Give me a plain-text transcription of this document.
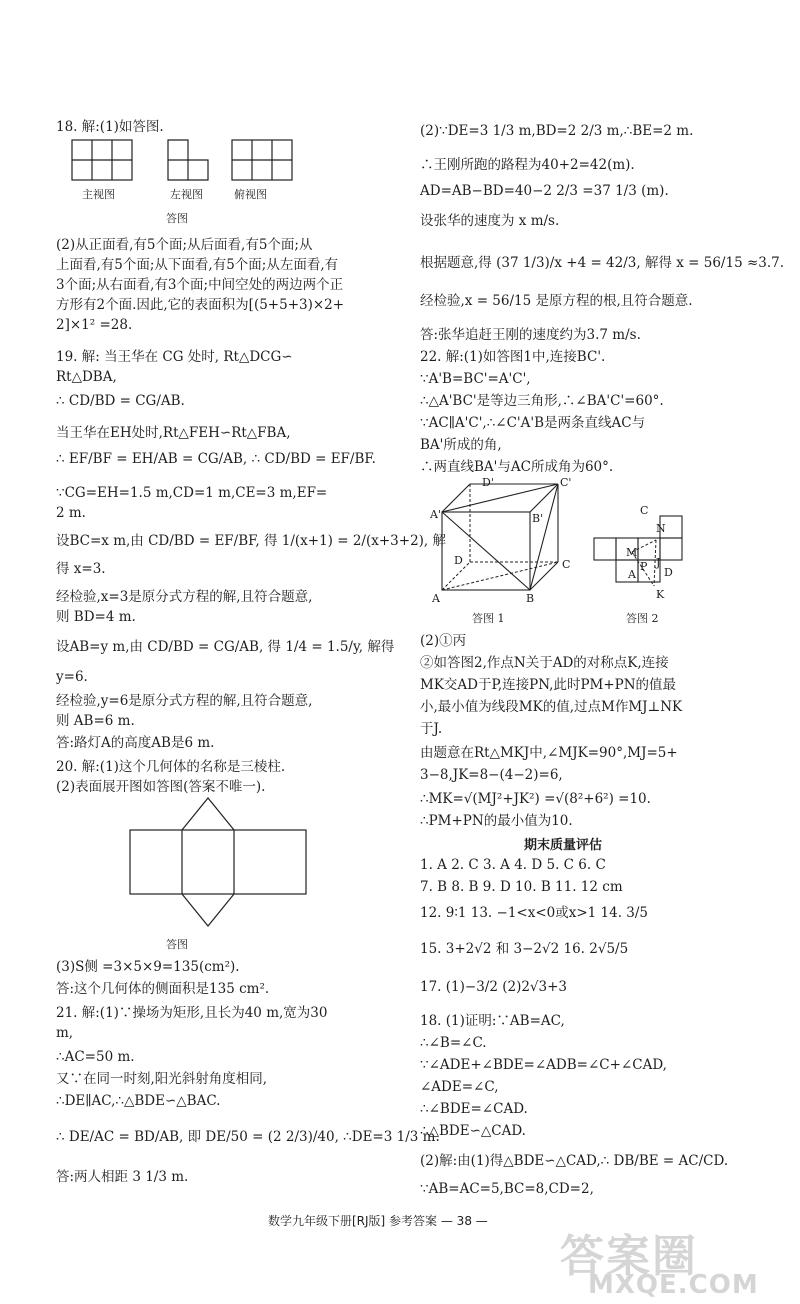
18. 解:(1)如答图.
主视图	左视图	俯视图
答图
(2)从正面看,有5个面;从后面看,有5个面;从
上面看,有5个面;从下面看,有5个面;从左面看,有
3个面;从右面看,有3个面;中间空处的两边两个正
方形有2个面.因此,它的表面积为[(5+5+3)×2+
2]×1² =28.
19. 解: 当王华在 CG 处时, Rt△DCG∽
Rt△DBA,
∴ CD/BD = CG/AB.
当王华在EH处时,Rt△FEH∽Rt△FBA,
∴ EF/BF = EH/AB = CG/AB, ∴ CD/BD = EF/BF.
∵CG=EH=1.5 m,CD=1 m,CE=3 m,EF=
2 m.
设BC=x m,由 CD/BD = EF/BF, 得 1/(x+1) = 2/(x+3+2), 解
得 x=3.
经检验,x=3是原分式方程的解,且符合题意,
则 BD=4 m.
设AB=y m,由 CD/BD = CG/AB, 得 1/4 = 1.5/y, 解得
y=6.
经检验,y=6是原分式方程的解,且符合题意,
则 AB=6 m.
答:路灯A的高度AB是6 m.
20. 解:(1)这个几何体的名称是三棱柱.
(2)表面展开图如答图(答案不唯一).
答图
(3)S侧 =3×5×9=135(cm²).
答:这个几何体的侧面积是135 cm².
21. 解:(1)∵操场为矩形,且长为40 m,宽为30
m,
∴AC=50 m.
又∵在同一时刻,阳光斜射角度相同,
∴DE∥AC,∴△BDE∽△BAC.
∴ DE/AC = BD/AB, 即 DE/50 = (2 2/3)/40, ∴DE=3 1/3 m.
答:两人相距 3 1/3 m.
(2)∵DE=3 1/3 m,BD=2 2/3 m,∴BE=2 m.
∴王刚所跑的路程为40+2=42(m).
AD=AB−BD=40−2 2/3 =37 1/3 (m).
设张华的速度为 x m/s.
根据题意,得 (37 1/3)/x +4 = 42/3, 解得 x = 56/15 ≈3.7.
经检验,x = 56/15 是原方程的根,且符合题意.
答:张华追赶王刚的速度约为3.7 m/s.
22. 解:(1)如答图1中,连接BC'.
∵A'B=BC'=A'C',
∴△A'BC'是等边三角形,∴∠BA'C'=60°.
∵AC∥A'C',∴∠C'A'B是两条直线AC与
BA'所成的角,
∴两直线BA'与AC所成角为60°.
D'	C'
A'	B'
D	C
A	B
C
N
M
P J
D
A
K
答图 1	答图 2
(2)①丙
②如答图2,作点N关于AD的对称点K,连接
MK交AD于P,连接PN,此时PM+PN的值最
小,最小值为线段MK的值,过点M作MJ⊥NK
于J.
由题意在Rt△MKJ中,∠MJK=90°,MJ=5+
3−8,JK=8−(4−2)=6,
∴MK=√(MJ²+JK²) =√(8²+6²) =10.
∴PM+PN的最小值为10.
期末质量评估
1. A 2. C 3. A 4. D 5. C 6. C
7. B 8. B 9. D 10. B 11. 12 cm
12. 9∶1 13. −1<x<0或x>1 14. 3/5
15. 3+2√2 和 3−2√2 16. 2√5/5
17. (1)−3/2 (2)2√3+3
18. (1)证明:∵AB=AC,
∴∠B=∠C.
∵∠ADE+∠BDE=∠ADB=∠C+∠CAD,
∠ADE=∠C,
∴∠BDE=∠CAD.
∴△BDE∽△CAD.
(2)解:由(1)得△BDE∽△CAD,∴ DB/BE = AC/CD.
∵AB=AC=5,BC=8,CD=2,
数学九年级下册[RJ版] 参考答案 — 38 —
答案圈
MXQE.COM
